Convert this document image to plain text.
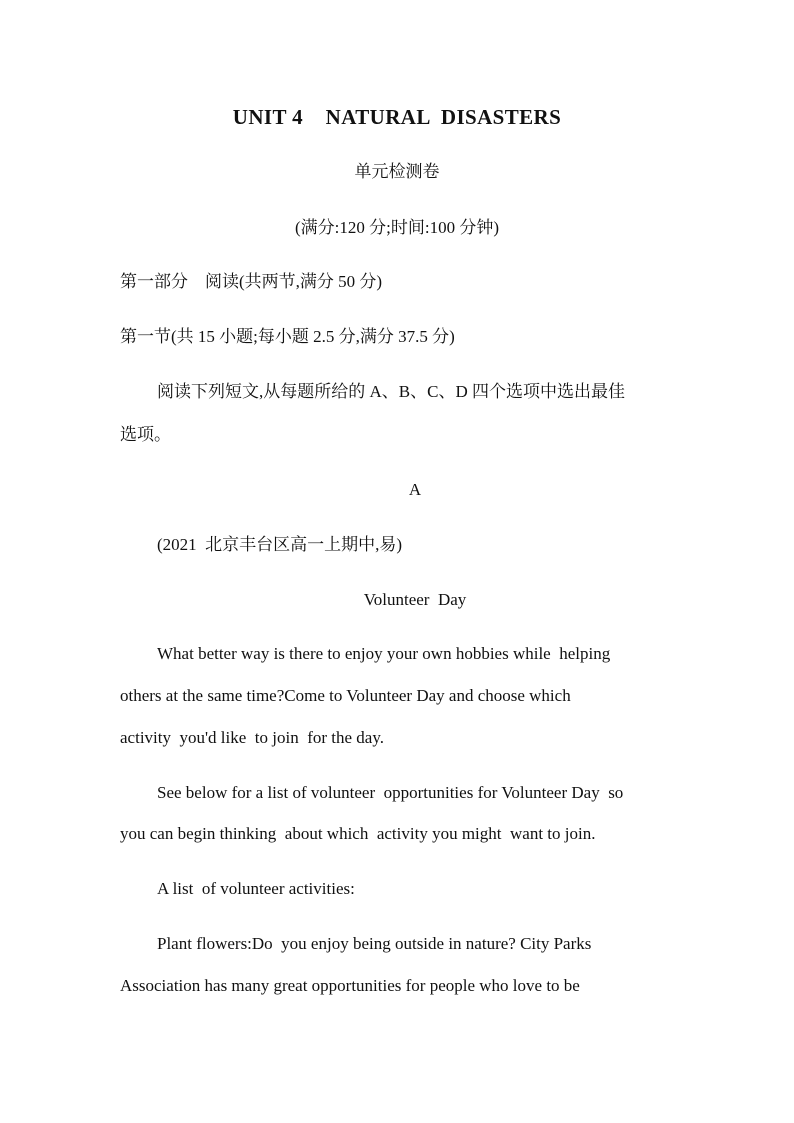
UNIT 4    NATURAL  DISASTERS
单元检测卷
(满分:120 分;时间:100 分钟)
第一部分    阅读(共两节,满分 50 分)
第一节(共 15 小题;每小题 2.5 分,满分 37.5 分)
阅读下列短文,从每题所给的 A、B、C、D 四个选项中选出最佳
选项。
A
(2021  北京丰台区高一上期中,易)
Volunteer  Day
What better way is there to enjoy your own hobbies while  helping
others at the same time?Come to Volunteer Day and choose which
activity  you'd like  to join  for the day.
See below for a list of volunteer  opportunities for Volunteer Day  so
you can begin thinking  about which  activity you might  want to join.
A list  of volunteer activities:
Plant flowers:Do  you enjoy being outside in nature? City Parks
Association has many great opportunities for people who love to be
